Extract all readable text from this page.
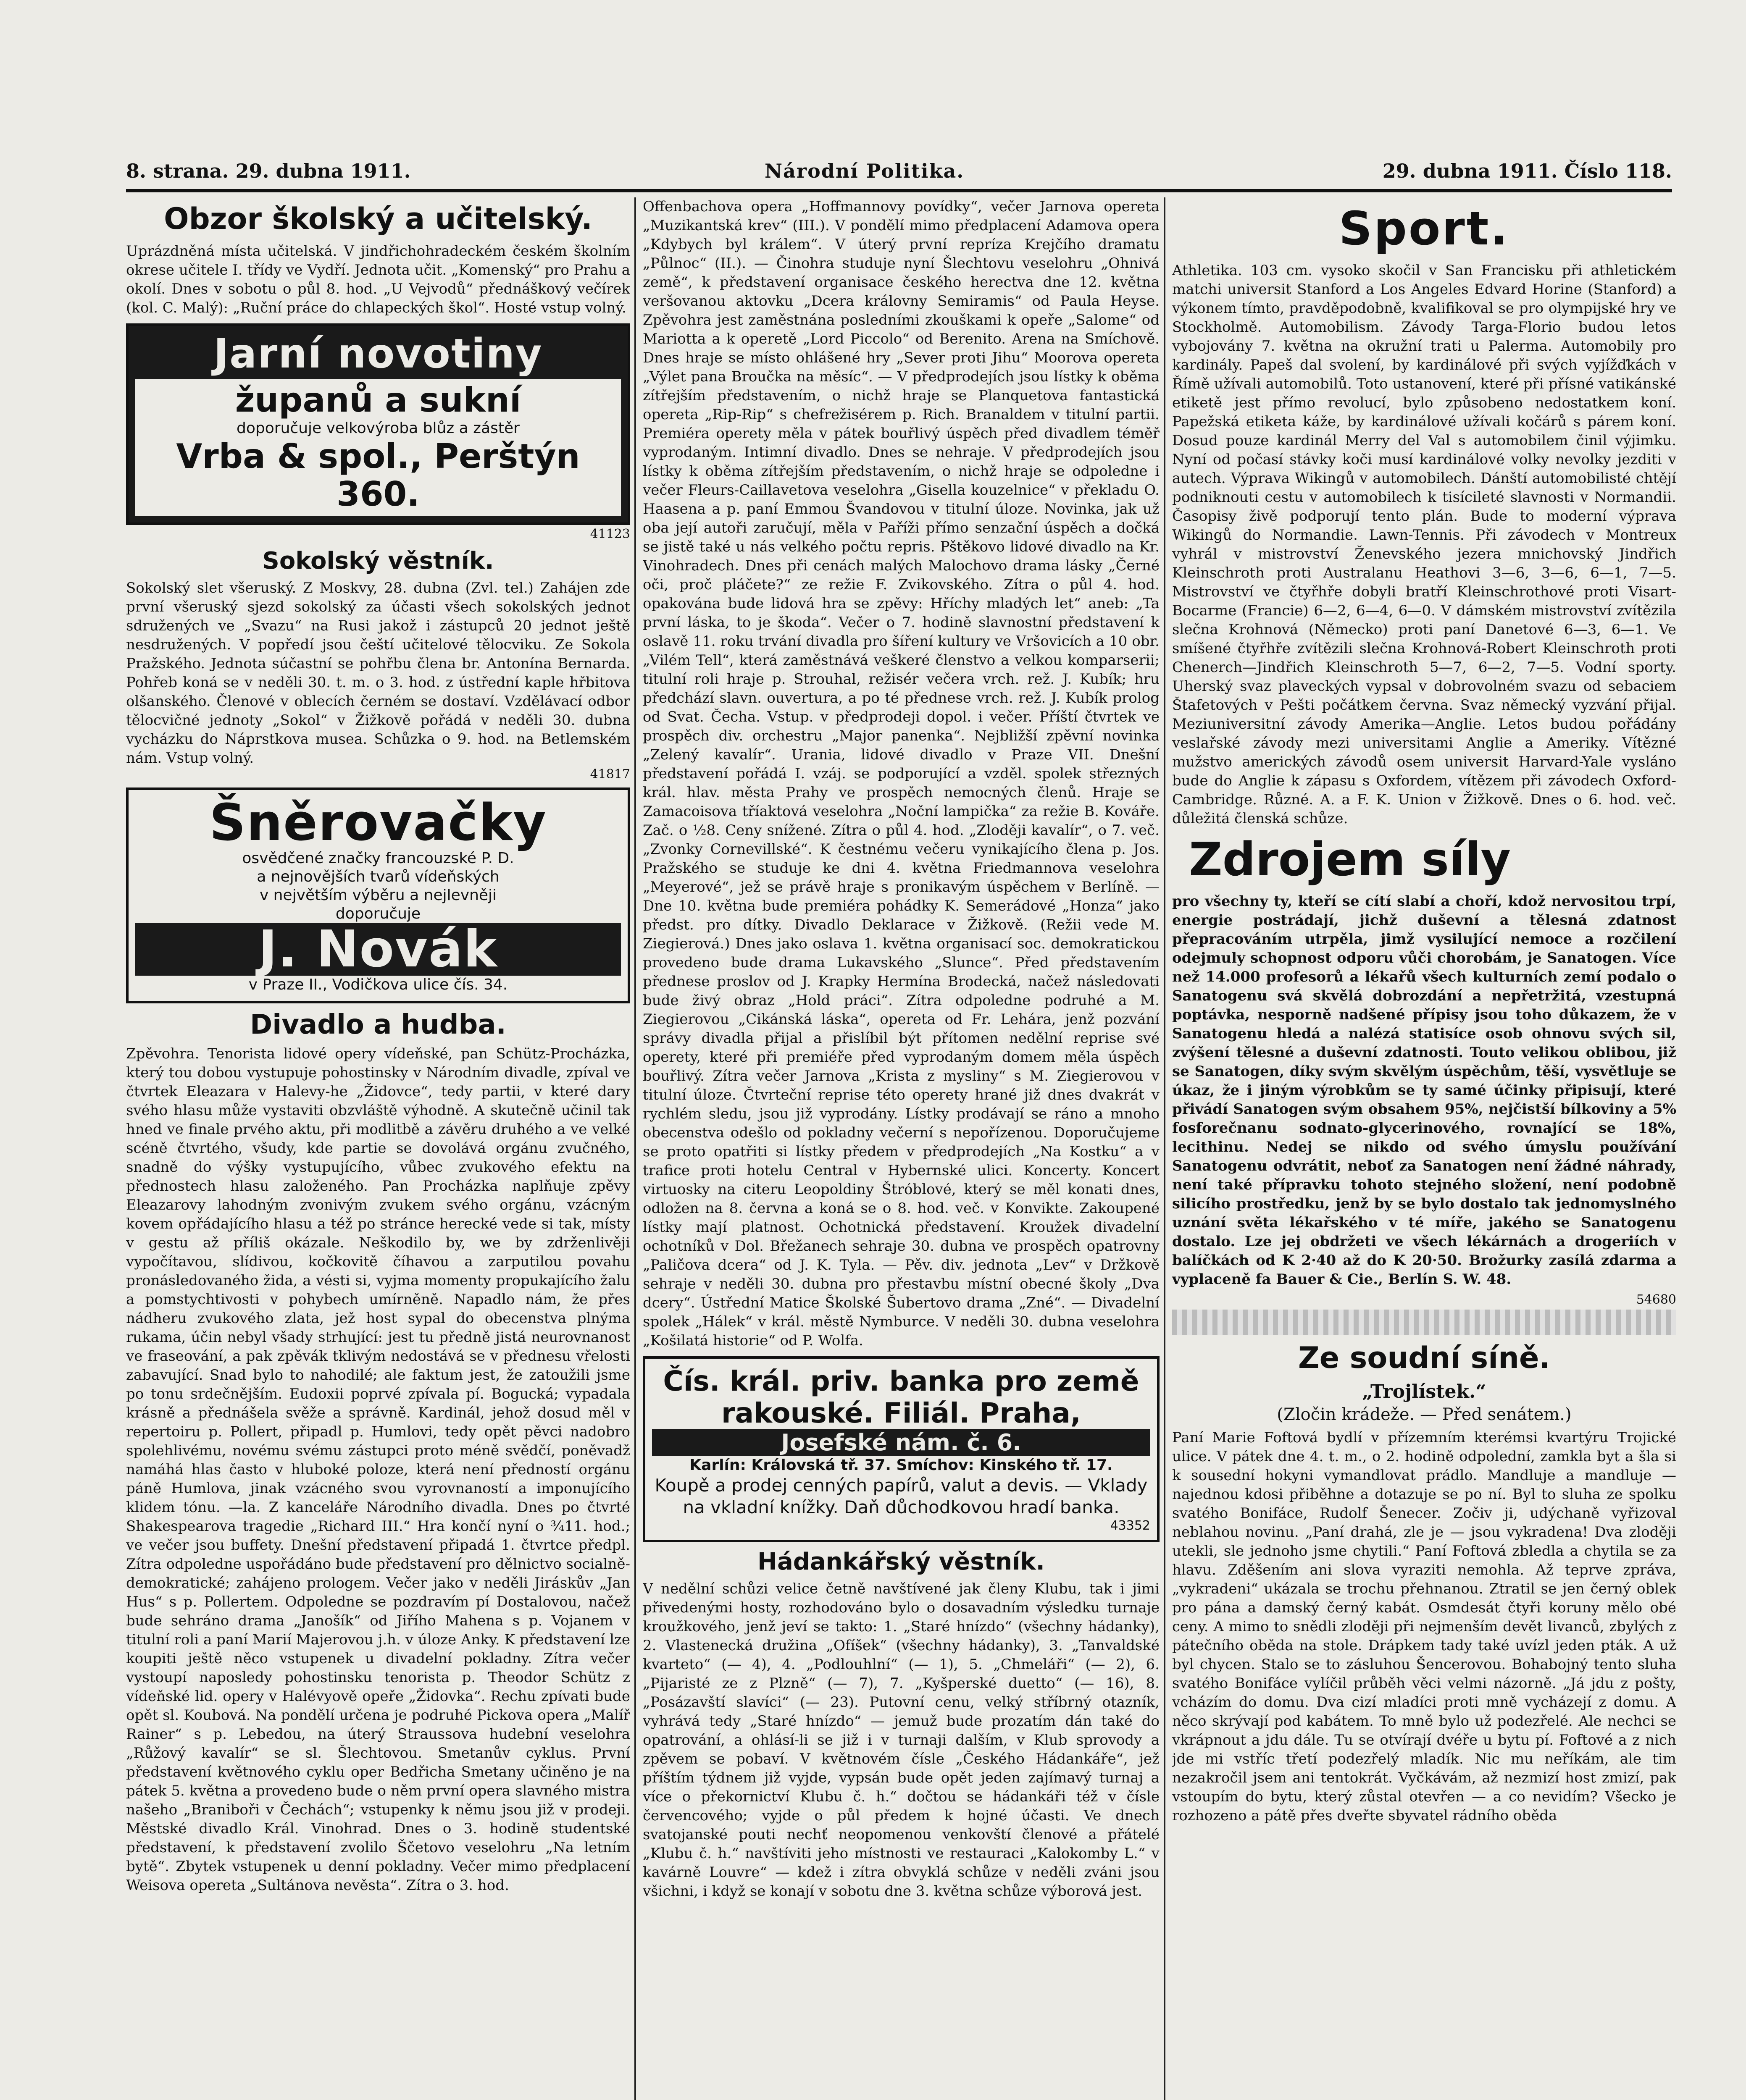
8. strana. 29. dubna 1911.	Národní Politika.	29. dubna 1911. Číslo 118.
Obzor školský a učitelský.

Uprázdněná místa učitelská. V jindřichohradeckém českém školním okrese učitele I. třídy ve Vydří. Jednota učit. „Komenský“ pro Prahu a okolí. Dnes v sobotu o půl 8. hod. „U Vejvodů“ přednáškový večírek (kol. C. Malý): „Ruční práce do chlapeckých škol“. Hosté vstup volný.

Jarní novotiny
županů a sukní
doporučuje velkovýroba blůz a zástěr
Vrba & spol., Perštýn 360.
41123
Sokolský věstník.

Sokolský slet všeruský. Z Moskvy, 28. dubna (Zvl. tel.) Zahájen zde první všeruský sjezd sokolský za účasti všech sokolských jednot sdružených ve „Svazu“ na Rusi jakož i zástupců 20 jednot ještě nesdružených. V popředí jsou čeští učitelové tělocviku. Ze Sokola Pražského. Jednota súčastní se pohřbu člena br. Antonína Bernarda. Pohřeb koná se v neděli 30. t. m. o 3. hod. z ústřední kaple hřbitova olšanského. Členové v oblecích černém se dostaví. Vzdělávací odbor tělocvičné jednoty „Sokol“ v Žižkově pořádá v neděli 30. dubna vycházku do Náprstkova musea. Schůzka o 9. hod. na Betlemském nám. Vstup volný.

41817
Šněrovačky
osvědčené značky francouzské P. D.
a nejnovějších tvarů vídeňských
v největším výběru a nejlevněji
doporučuje
J. Novák
v Praze II., Vodičkova ulice čís. 34.
Divadlo a hudba.

Zpěvohra. Tenorista lidové opery vídeňské, pan Schütz-Procházka, který tou dobou vystupuje pohostinsky v Národním divadle, zpíval ve čtvrtek Eleazara v Halevy-he „Židovce“, tedy partii, v které dary svého hlasu může vystaviti obzvláště výhodně. A skutečně učinil tak hned ve finale prvého aktu, při modlitbě a závěru druhého a ve velké scéně čtvrtého, všudy, kde partie se dovolává orgánu zvučného, snadně do výšky vystupujícího, vůbec zvukového efektu na přednostech hlasu založeného. Pan Procházka naplňuje zpěvy Eleazarovy lahodným zvonivým zvukem svého orgánu, vzácným kovem opřádajícího hlasu a též po stránce herecké vede si tak, místy v gestu až příliš okázale. Neškodilo by, we by zdrženlivěji vypočítavou, slídivou, kočkovitě číhavou a zarputilou povahu pronásledovaného žida, a vésti si, vyjma momenty propukajícího žalu a pomstychtivosti v pohybech umírněně. Napadlo nám, že přes nádheru zvukového zlata, jež host sypal do obecenstva plnýma rukama, účin nebyl všady strhující: jest tu předně jistá neurovnanost ve fraseování, a pak zpěvák tklivým nedostává se v přednesu vřelosti zabavující. Snad bylo to nahodilé; ale faktum jest, že zatoužili jsme po tonu srdečnějším. Eudoxii poprvé zpívala pí. Bogucká; vypadala krásně a přednášela svěže a správně. Kardinál, jehož dosud měl v repertoiru p. Pollert, připadl p. Humlovi, tedy opět pěvci nadobro spolehlivému, novému svému zástupci proto méně svědčí, poněvadž namáhá hlas často v hluboké poloze, která není předností orgánu páně Humlova, jinak vzácného svou vyrovnaností a imponujícího klidem tónu. —la. Z kanceláře Národního divadla. Dnes po čtvrté Shakespearova tragedie „Richard III.“ Hra končí nyní o ¾11. hod.; ve večer jsou buffety. Dnešní představení připadá 1. čtvrtce předpl. Zítra odpoledne uspořádáno bude představení pro dělnictvo socialně-demokratické; zahájeno prologem. Večer jako v neděli Jiráskův „Jan Hus“ s p. Pollertem. Odpoledne se pozdravím pí Dostalovou, načež bude sehráno drama „Janošík“ od Jiřího Mahena s p. Vojanem v titulní roli a paní Marií Majerovou j.h. v úloze Anky. K představení lze koupiti ještě něco vstupenek u divadelní pokladny. Zítra večer vystoupí naposledy pohostinsku tenorista p. Theodor Schütz z vídeňské lid. opery v Halévyově opeře „Židovka“. Rechu zpívati bude opět sl. Koubová. Na pondělí určena je podruhé Pickova opera „Malíř Rainer“ s p. Lebedou, na úterý Straussova hudební veselohra „Růžový kavalír“ se sl. Šlechtovou. Smetanův cyklus. První představení květnového cyklu oper Bedřicha Smetany učiněno je na pátek 5. května a provedeno bude o něm první opera slavného mistra našeho „Braniboři v Čechách“; vstupenky k němu jsou již v prodeji. Městské divadlo Král. Vinohrad. Dnes o 3. hodině studentské představení, k představení zvolilo Ščetovo veselohru „Na letním bytě“. Zbytek vstupenek u denní pokladny. Večer mimo předplacení Weisova opereta „Sultánova nevěsta“. Zítra o 3. hod.

Offenbachova opera „Hoffmannovy povídky“, večer Jarnova opereta „Muzikantská krev“ (III.). V pondělí mimo předplacení Adamova opera „Kdybych byl králem“. V úterý první repríza Krejčího dramatu „Půlnoc“ (II.). — Činohra studuje nyní Šlechtovu veselohru „Ohnivá země“, k představení organisace českého herectva dne 12. května veršovanou aktovku „Dcera královny Semiramis“ od Paula Heyse. Zpěvohra jest zaměstnána posledními zkouškami k opeře „Salome“ od Mariotta a k operetě „Lord Piccolo“ od Berenito. Arena na Smíchově. Dnes hraje se místo ohlášené hry „Sever proti Jihu“ Moorova opereta „Výlet pana Broučka na měsíc“. — V předprodejích jsou lístky k oběma zítřejším představením, o nichž hraje se Planquetova fantastická opereta „Rip-Rip“ s chefrežisérem p. Rich. Branaldem v titulní partii. Premiéra operety měla v pátek bouřlivý úspěch před divadlem téměř vyprodaným. Intimní divadlo. Dnes se nehraje. V předprodejích jsou lístky k oběma zítřejším představením, o nichž hraje se odpoledne i večer Fleurs-Caillavetova veselohra „Gisella kouzelnice“ v překladu O. Haasena a p. paní Emmou Švandovou v titulní úloze. Novinka, jak už oba její autoři zaručují, měla v Paříži přímo senzační úspěch a dočká se jistě také u nás velkého počtu repris. Pštěkovo lidové divadlo na Kr. Vinohradech. Dnes při cenách malých Malochovo drama lásky „Černé oči, proč pláčete?“ ze režie F. Zvikovského. Zítra o půl 4. hod. opakována bude lidová hra se zpěvy: Hříchy mladých let“ aneb: „Ta první láska, to je škoda“. Večer o 7. hodině slavnostní představení k oslavě 11. roku trvání divadla pro šíření kultury ve Vršovicích a 10 obr. „Vilém Tell“, která zaměstnává veškeré členstvo a velkou komparserii; titulní roli hraje p. Strouhal, režisér večera vrch. rež. J. Kubík; hru předchází slavn. ouvertura, a po té přednese vrch. rež. J. Kubík prolog od Svat. Čecha. Vstup. v předprodeji dopol. i večer. Příští čtvrtek ve prospěch div. orchestru „Major panenka“. Nejbližší zpěvní novinka „Zelený kavalír“. Urania, lidové divadlo v Praze VII. Dnešní představení pořádá I. vzáj. se podporující a vzděl. spolek střezných král. hlav. města Prahy ve prospěch nemocných členů. Hraje se Zamacoisova tříaktová veselohra „Noční lampička“ za režie B. Kováře. Zač. o ½8. Ceny snížené. Zítra o půl 4. hod. „Zloději kavalír“, o 7. več. „Zvonky Cornevillské“. K čestnému večeru vynikajícího člena p. Jos. Pražského se studuje ke dni 4. května Friedmannova veselohra „Meyerové“, jež se právě hraje s pronikavým úspěchem v Berlíně. — Dne 10. května bude premiéra pohádky K. Semerádové „Honza“ jako předst. pro dítky. Divadlo Deklarace v Žižkově. (Režii vede M. Ziegierová.) Dnes jako oslava 1. května organisací soc. demokratickou provedeno bude drama Lukavského „Slunce“. Před představením přednese proslov od J. Krapky Hermína Brodecká, načež následovati bude živý obraz „Hold práci“. Zítra odpoledne podruhé a M. Ziegierovou „Cikánská láska“, opereta od Fr. Lehára, jenž pozvání správy divadla přijal a přislíbil být přítomen nedělní reprise své operety, které při premiéře před vyprodaným domem měla úspěch bouřlivý. Zítra večer Jarnova „Krista z mysliny“ s M. Ziegierovou v titulní úloze. Čtvrteční reprise této operety hrané již dnes dvakrát v rychlém sledu, jsou již vyprodány. Lístky prodávají se ráno a mnoho obecenstva odešlo od pokladny večerní s nepořízenou. Doporučujeme se proto opatřiti si lístky předem v předprodejích „Na Kostku“ a v trafice proti hotelu Central v Hybernské ulici. Koncerty. Koncert virtuosky na citeru Leopoldiny Štróblové, který se měl konati dnes, odložen na 8. června a koná se o 8. hod. več. v Konvikte. Zakoupené lístky mají platnost. Ochotnická představení. Kroužek divadelní ochotníků v Dol. Břežanech sehraje 30. dubna ve prospěch opatrovny „Paličova dcera“ od J. K. Tyla. — Pěv. div. jednota „Lev“ v Držkově sehraje v neděli 30. dubna pro přestavbu místní obecné školy „Dva dcery“. Ústřední Matice Školské Šubertovo drama „Zné“. — Divadelní spolek „Hálek“ v král. městě Nymburce. V neděli 30. dubna veselohra „Košilatá historie“ od P. Wolfa.

Čís. král. priv. banka pro země rakouské. Filiál. Praha,
Josefské nám. č. 6.
Karlín: Královská tř. 37. Smíchov: Kinského tř. 17.
Koupě a prodej cenných papírů, valut a devis. — Vklady na vkladní knížky. Daň důchodkovou hradí banka.
43352
Hádankářský věstník.

V nedělní schůzi velice četně navštívené jak členy Klubu, tak i jimi přivedenými hosty, rozhodováno bylo o dosavadním výsledku turnaje kroužkového, jenž jeví se takto: 1. „Staré hnízdo“ (všechny hádanky), 2. Vlastenecká družina „Ofíšek“ (všechny hádanky), 3. „Tanvaldské kvarteto“ (— 4), 4. „Podlouhlní“ (— 1), 5. „Chmeláři“ (— 2), 6. „Pijaristé ze z Plzně“ (— 7), 7. „Kyšperské duetto“ (— 16), 8. „Posázavští slavíci“ (— 23). Putovní cenu, velký stříbrný otazník, vyhrává tedy „Staré hnízdo“ — jemuž bude prozatím dán také do opatrování, a ohlásí-li se již i v turnaji dalším, v Klub sprovody a zpěvem se pobaví. V květnovém čísle „Českého Hádankáře“, jež příštím týdnem již vyjde, vypsán bude opět jeden zajímavý turnaj a více o překornictví Klubu č. h.“ dočtou se hádankáři též v čísle červencového; vyjde o půl předem k hojné účasti. Ve dnech svatojanské pouti nechť neopomenou venkovští členové a přátelé „Klubu č. h.“ navštíviti jeho místnosti ve restauraci „Kalokomby L.“ v kavárně Louvre“ — kdež i zítra obvyklá schůze v neděli zváni jsou všichni, i když se konají v sobotu dne 3. května schůze výborová jest.

Sport.

Athletika. 103 cm. vysoko skočil v San Francisku při athletickém matchi universit Stanford a Los Angeles Edvard Horine (Stanford) a výkonem tímto, pravděpodobně, kvalifikoval se pro olympijské hry ve Stockholmě. Automobilism. Závody Targa-Florio budou letos vybojovány 7. května na okružní trati u Palerma. Automobily pro kardinály. Papeš dal svolení, by kardinálové při svých vyjížďkách v Římě užívali automobilů. Toto ustanovení, které při přísné vatikánské etiketě jest přímo revolucí, bylo způsobeno nedostatkem koní. Papežská etiketa káže, by kardinálové užívali kočárů s párem koní. Dosud pouze kardinál Merry del Val s automobilem činil výjimku. Nyní od počasí stávky koči musí kardinálové volky nevolky jezditi v autech. Výprava Wikingů v automobilech. Dánští automobilisté chtějí podniknouti cestu v automobilech k tisícileté slavnosti v Normandii. Časopisy živě podporují tento plán. Bude to moderní výprava Wikingů do Normandie. Lawn-Tennis. Při závodech v Montreux vyhrál v mistrovství Ženevského jezera mnichovský Jindřich Kleinschroth proti Australanu Heathovi 3—6, 3—6, 6—1, 7—5. Mistrovství ve čtyřhře dobyli bratří Kleinschrothové proti Visart-Bocarme (Francie) 6—2, 6—4, 6—0. V dámském mistrovství zvítězila slečna Krohnová (Německo) proti paní Danetové 6—3, 6—1. Ve smíšené čtyřhře zvítězili slečna Krohnová-Robert Kleinschroth proti Chenerch—Jindřich Kleinschroth 5—7, 6—2, 7—5. Vodní sporty. Uherský svaz plaveckých vypsal v dobrovolném svazu od sebaciem Štafetových v Pešti počátkem června. Svaz německý vyzvání přijal. Meziuniversitní závody Amerika—Anglie. Letos budou pořádány veslařské závody mezi universitami Anglie a Ameriky. Vítězné mužstvo amerických závodů osem universit Harvard-Yale vysláno bude do Anglie k zápasu s Oxfordem, vítězem při závodech Oxford-Cambridge. Různé. A. a F. K. Union v Žižkově. Dnes o 6. hod. več. důležitá členská schůze.

Zdrojem síly

pro všechny ty, kteří se cítí slabí a choří, kdož nervositou trpí, energie postrádají, jichž duševní a tělesná zdatnost přepracováním utrpěla, jimž vysilující nemoce a rozčilení odejmuly schopnost odporu vůči chorobám, je Sanatogen. Více než 14.000 profesorů a lékařů všech kulturních zemí podalo o Sanatogenu svá skvělá dobrozdání a nepřetržitá, vzestupná poptávka, nesporně nadšené přípisy jsou toho důkazem, že v Sanatogenu hledá a nalézá statisíce osob ohnovu svých sil, zvýšení tělesné a duševní zdatnosti. Touto velikou oblibou, již se Sanatogen, díky svým skvělým úspěchům, těší, vysvětluje se úkaz, že i jiným výrobkům se ty samé účinky připisují, které přivádí Sanatogen svým obsahem 95%, nejčistší bílkoviny a 5% fosforečnanu sodnato-glycerinového, rovnající se 18%, lecithinu. Nedej se nikdo od svého úmyslu používání Sanatogenu odvrátit, neboť za Sanatogen není žádné náhrady, není také přípravku tohoto stejného složení, není podobně silicího prostředku, jenž by se bylo dostalo tak jednomyslného uznání světa lékařského v té míře, jakého se Sanatogenu dostalo. Lze jej obdržeti ve všech lékárnách a drogeriích v balíčkách od K 2·40 až do K 20·50. Brožurky zasílá zdarma a vyplaceně fa Bauer & Cie., Berlín S. W. 48.

54680
Ze soudní síně.
„Trojlístek.“
(Zločin krádeže. — Před senátem.)

Paní Marie Foftová bydlí v přízemním kterémsi kvartýru Trojické ulice. V pátek dne 4. t. m., o 2. hodině odpolední, zamkla byt a šla si k sousední hokyni vymandlovat prádlo. Mandluje a mandluje — najednou kdosi přiběhne a dotazuje se po ní. Byl to sluha ze spolku svatého Bonifáce, Rudolf Šenecer. Zočiv ji, udýchaně vyřizoval neblahou novinu. „Paní drahá, zle je — jsou vykradena! Dva zloději utekli, sle jednoho jsme chytili.“ Paní Foftová zbledla a chytila se za hlavu. Zděšením ani slova vyraziti nemohla. Až teprve zpráva, „vykradeni“ ukázala se trochu přehnanou. Ztratil se jen černý oblek pro pána a damský černý kabát. Osmdesát čtyři koruny mělo obé ceny. A mimo to snědli zloději při nejmenším devět livanců, zbylých z pátečního oběda na stole. Drápkem tady také uvízl jeden pták. A už byl chycen. Stalo se to zásluhou Šencerovou. Bohabojný tento sluha svatého Bonifáce vylíčil průběh věci velmi názorně. „Já jdu z pošty, vcházím do domu. Dva cizí mladíci proti mně vycházejí z domu. A něco skrývají pod kabátem. To mně bylo už podezřelé. Ale nechci se vkrápnout a jdu dále. Tu se otvírají dvéře u bytu pí. Foftové a z nich jde mi vstříc třetí podezřelý mladík. Nic mu neříkám, ale tim nezakročil jsem ani tentokrát. Vyčkávám, až nezmizí host zmizí, pak vstoupím do bytu, který zůstal otevřen — a co nevidím? Všecko je rozhozeno a pátě přes dveřte sbyvatel rádního oběda
